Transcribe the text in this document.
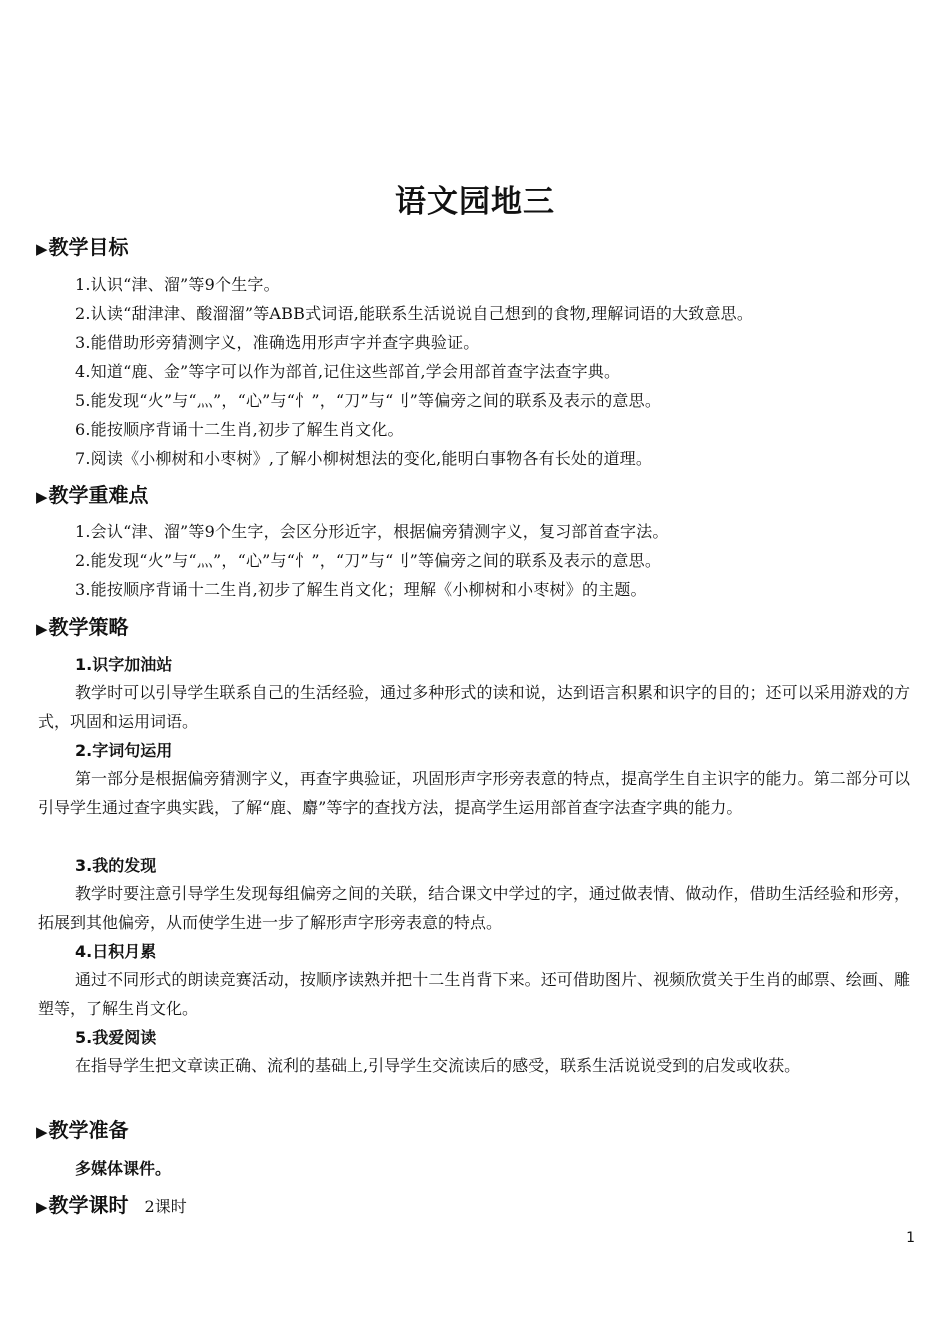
语文园地三
▶教学目标
1.认识“津、溜”等9个生字。
2.认读“甜津津、酸溜溜”等ABB式词语,能联系生活说说自己想到的食物,理解词语的大致意思。
3.能借助形旁猜测字义，准确选用形声字并查字典验证。
4.知道“鹿、金”等字可以作为部首,记住这些部首,学会用部首查字法查字典。
5.能发现“火”与“灬”，“心”与“忄”，“刀”与“刂”等偏旁之间的联系及表示的意思。
6.能按顺序背诵十二生肖,初步了解生肖文化。
7.阅读《小柳树和小枣树》,了解小柳树想法的变化,能明白事物各有长处的道理。
▶教学重难点
1.会认“津、溜”等9个生字，会区分形近字，根据偏旁猜测字义，复习部首查字法。
2.能发现“火”与“灬”，“心”与“忄”，“刀”与“刂”等偏旁之间的联系及表示的意思。
3.能按顺序背诵十二生肖,初步了解生肖文化；理解《小柳树和小枣树》的主题。
▶教学策略
1.识字加油站
教学时可以引导学生联系自己的生活经验，通过多种形式的读和说，达到语言积累和识字的目的；还可以采用游戏的方式，巩固和运用词语。
2.字词句运用
第一部分是根据偏旁猜测字义，再查字典验证，巩固形声字形旁表意的特点，提高学生自主识字的能力。第二部分可以引导学生通过查字典实践，了解“鹿、麝”等字的查找方法，提高学生运用部首查字法查字典的能力。
3.我的发现
教学时要注意引导学生发现每组偏旁之间的关联，结合课文中学过的字，通过做表情、做动作，借助生活经验和形旁，拓展到其他偏旁，从而使学生进一步了解形声字形旁表意的特点。
4.日积月累
通过不同形式的朗读竞赛活动，按顺序读熟并把十二生肖背下来。还可借助图片、视频欣赏关于生肖的邮票、绘画、雕塑等，了解生肖文化。
5.我爱阅读
在指导学生把文章读正确、流利的基础上,引导学生交流读后的感受，联系生活说说受到的启发或收获。
▶教学准备
多媒体课件。
▶教学课时 2课时
1
